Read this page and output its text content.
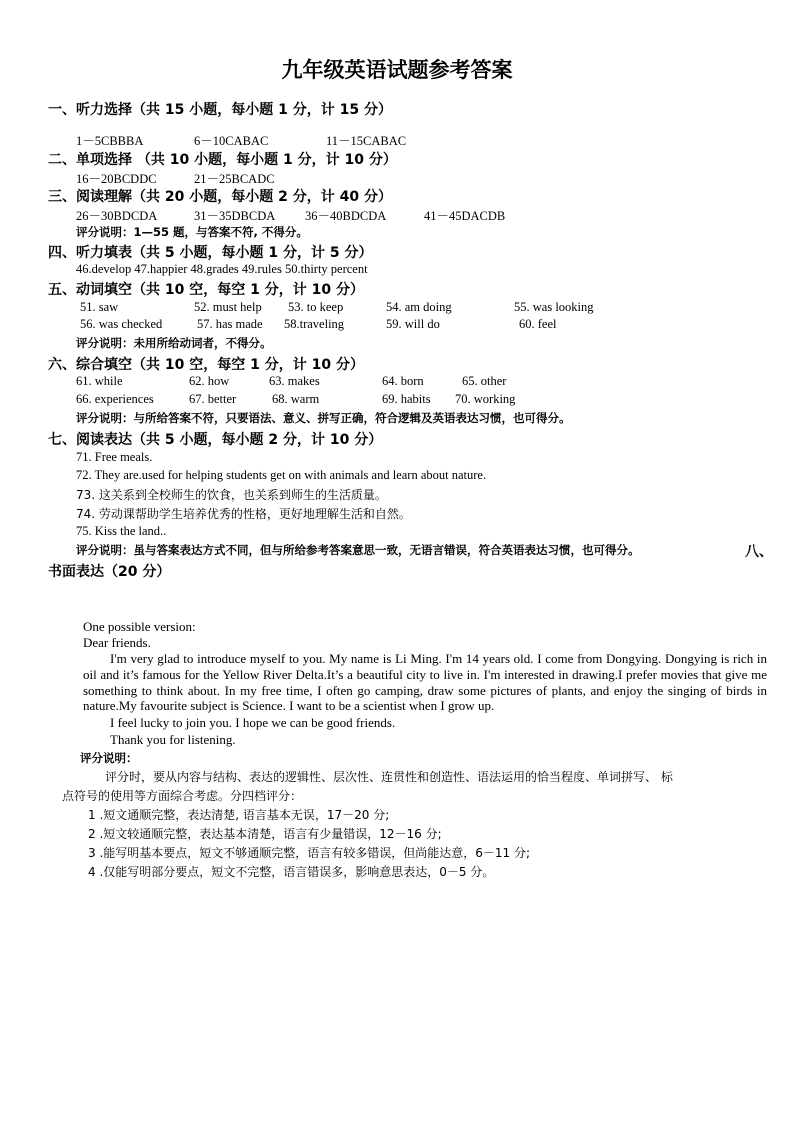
九年级英语试题参考答案
一、听力选择（共 15 小题，每小题 1 分，计 15 分）
1－5CBBBA	6－10CABAC	11－15CABAC
二、单项选择 （共 10 小题，每小题 1 分，计 10 分）
16－20BCDDC	21－25BCADC
三、阅读理解（共 20 小题，每小题 2 分，计 40 分）
26－30BDCDA	31－35DBCDA 36－40BDCDA	41－45DACDB
评分说明：1—55 题，与答案不符, 不得分。
四、听力填表（共 5 小题，每小题 1 分，计 5 分）
46.develop 47.happier 48.grades 49.rules 50.thirty percent
五、动词填空（共 10 空，每空 1 分，计 10 分）
51. saw	52. must help 53. to keep	54. am doing	55. was looking
56. was checked	57. has made 58.traveling	59. will do	60. feel
评分说明：未用所给动词者，不得分。
六、综合填空（共 10 空，每空 1 分，计 10 分）
61. while	62. how	63. makes	64. born	65. other
66. experiences	67. better	68. warm	69. habits 70. working
评分说明：与所给答案不符，只要语法、意义、拼写正确，符合逻辑及英语表达习惯，也可得分。
七、阅读表达（共 5 小题，每小题 2 分，计 10 分）
71. Free meals.
72. They are.used for helping students get on with animals and learn about nature.
73. 这关系到全校师生的饮食，也关系到师生的生活质量。
74. 劳动课帮助学生培养优秀的性格，更好地理解生活和自然。
75. Kiss the land..
评分说明：虽与答案表达方式不同，但与所给参考答案意思一致，无语言错误，符合英语表达习惯，也可得分。	八、
书面表达（20 分）
One possible version:
Dear friends.
I'm very glad to introduce myself to you. My name is Li Ming. I'm 14 years old. I come from Dongying. Dongying is rich in oil and it’s famous for the Yellow River Delta.It’s a beautiful city to live in. I'm interested in drawing.I prefer movies that give me something to think about. In my free time, I often go camping, draw some pictures of plants, and enjoy the singing of birds in nature.My favourite subject is Science. I want to be a scientist when I grow up.
I feel lucky to join you. I hope we can be good friends.
Thank you for listening.
评分说明：
评分时，要从内容与结构、表达的逻辑性、层次性、连贯性和创造性、语法运用的恰当程度、单词拼写、 标
点符号的使用等方面综合考虑。分四档评分：
1 .短文通顺完整，表达清楚, 语言基本无误，17－20 分;
2 .短文较通顺完整，表达基本清楚，语言有少量错误，12－16 分;
3 .能写明基本要点，短文不够通顺完整，语言有较多错误，但尚能达意，6－11 分;
4 .仅能写明部分要点，短文不完整，语言错误多，影响意思表达，0－5 分。
